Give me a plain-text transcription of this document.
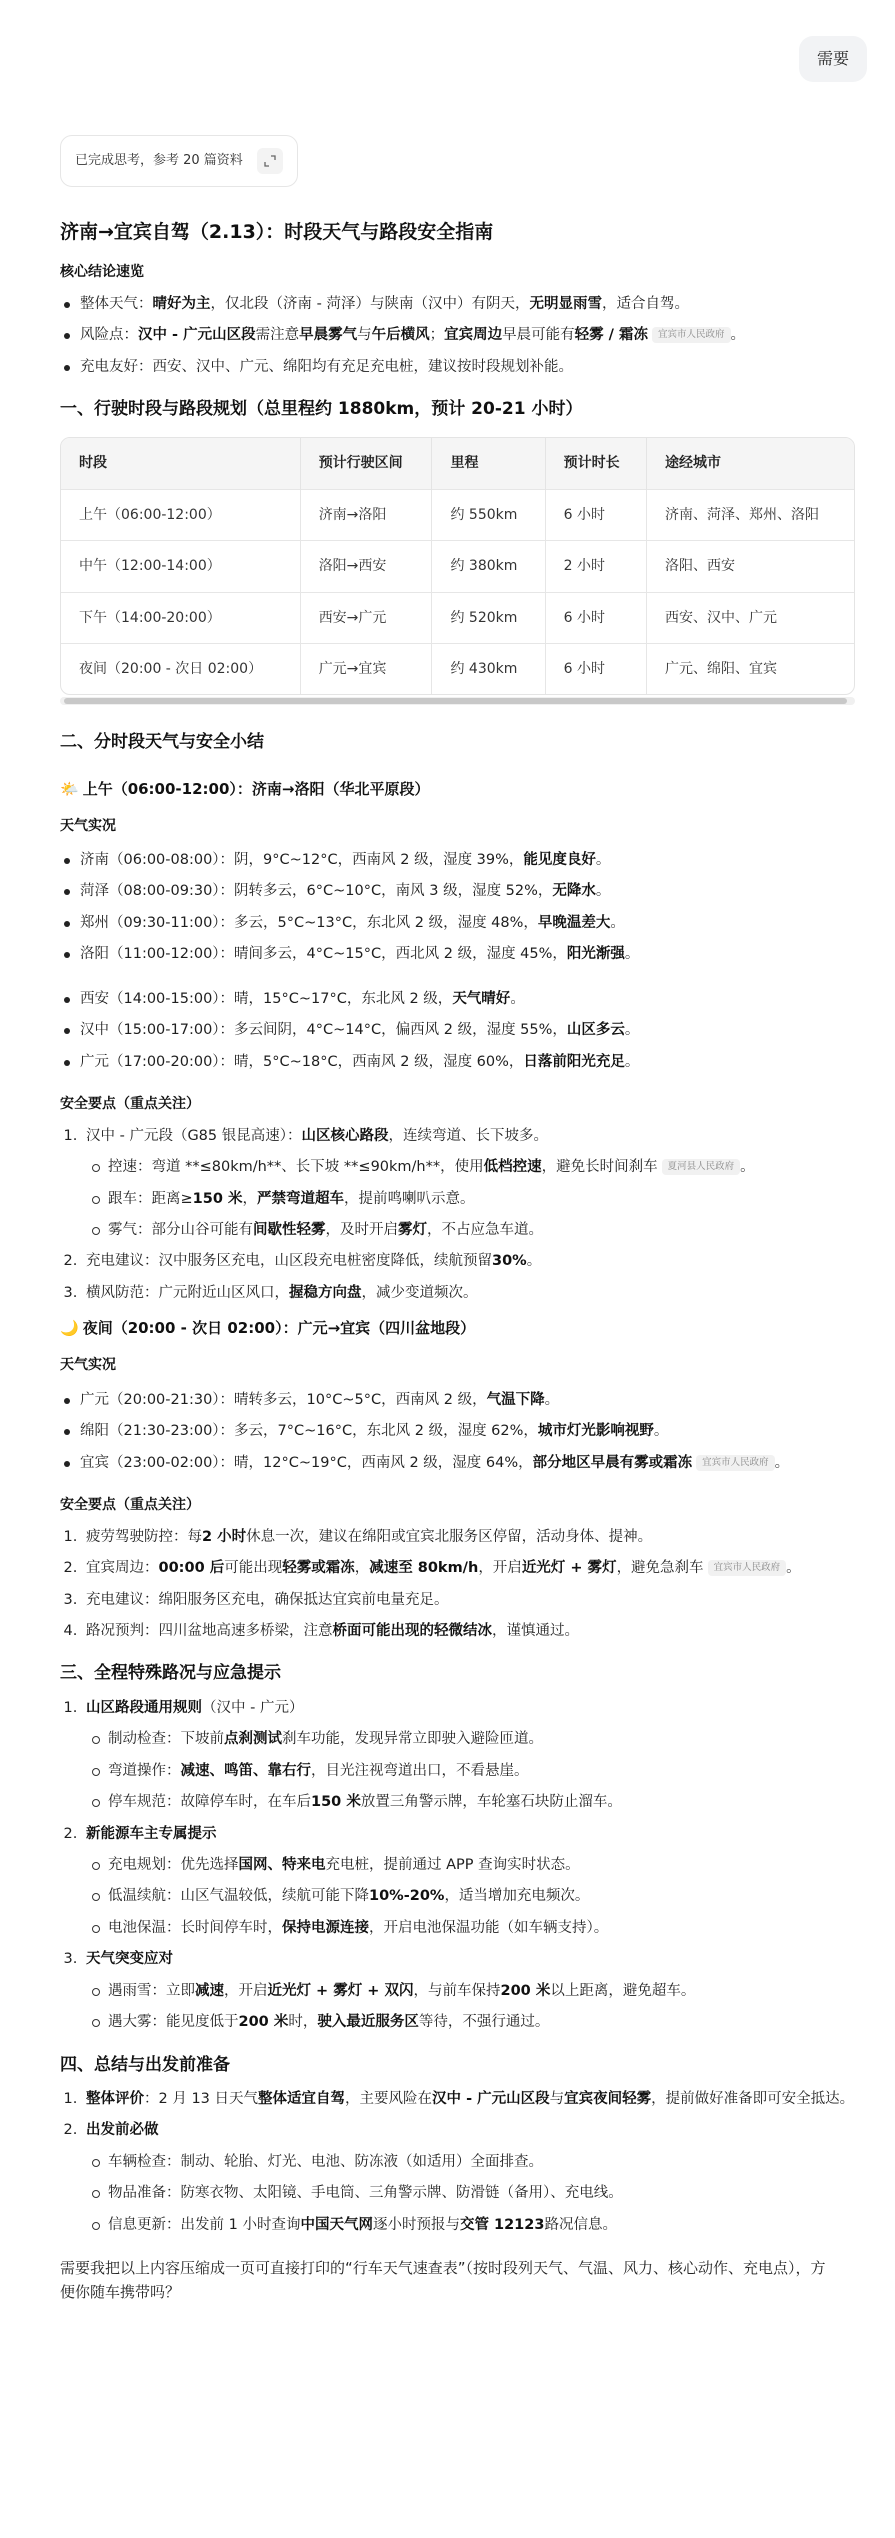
需要
已完成思考，参考 20 篇资料
济南→宜宾自驾（2.13）：时段天气与路段安全指南
核心结论速览
整体天气：晴好为主，仅北段（济南 - 菏泽）与陕南（汉中）有阴天，无明显雨雪，适合自驾。
风险点：汉中 - 广元山区段需注意早晨雾气与午后横风；宜宾周边早晨可能有轻雾 / 霜冻 宜宾市人民政府 。
充电友好：西安、汉中、广元、绵阳均有充足充电桩，建议按时段规划补能。
一、行驶时段与路段规划（总里程约 1880km，预计 20-21 小时）
时段	预计行驶区间	里程	预计时长	途经城市
上午（06:00-12:00）	济南→洛阳	约 550km	6 小时	济南、菏泽、郑州、洛阳
中午（12:00-14:00）	洛阳→西安	约 380km	2 小时	洛阳、西安
下午（14:00-20:00）	西安→广元	约 520km	6 小时	西安、汉中、广元
夜间（20:00 - 次日 02:00）	广元→宜宾	约 430km	6 小时	广元、绵阳、宜宾
二、分时段天气与安全小结
🌤️ 上午（06:00-12:00）：济南→洛阳（华北平原段）
天气实况
济南（06:00-08:00）：阴，9°C~12°C，西南风 2 级，湿度 39%，能见度良好。
菏泽（08:00-09:30）：阴转多云，6°C~10°C，南风 3 级，湿度 52%，无降水。
郑州（09:30-11:00）：多云，5°C~13°C，东北风 2 级，湿度 48%，早晚温差大。
洛阳（11:00-12:00）：晴间多云，4°C~15°C，西北风 2 级，湿度 45%，阳光渐强。
西安（14:00-15:00）：晴，15°C~17°C，东北风 2 级，天气晴好。
汉中（15:00-17:00）：多云间阴，4°C~14°C，偏西风 2 级，湿度 55%，山区多云。
广元（17:00-20:00）：晴，5°C~18°C，西南风 2 级，湿度 60%，日落前阳光充足。
安全要点（重点关注）
1. 汉中 - 广元段（G85 银昆高速）：山区核心路段，连续弯道、长下坡多。
控速：弯道 **≤80km/h**、长下坡 **≤90km/h**，使用低档控速，避免长时间刹车 夏河县人民政府 。
跟车：距离≥150 米，严禁弯道超车，提前鸣喇叭示意。
雾气：部分山谷可能有间歇性轻雾，及时开启雾灯，不占应急车道。
2. 充电建议：汉中服务区充电，山区段充电桩密度降低，续航预留30%。
3. 横风防范：广元附近山区风口，握稳方向盘，减少变道频次。
🌙 夜间（20:00 - 次日 02:00）：广元→宜宾（四川盆地段）
天气实况
广元（20:00-21:30）：晴转多云，10°C~5°C，西南风 2 级，气温下降。
绵阳（21:30-23:00）：多云，7°C~16°C，东北风 2 级，湿度 62%，城市灯光影响视野。
宜宾（23:00-02:00）：晴，12°C~19°C，西南风 2 级，湿度 64%，部分地区早晨有雾或霜冻 宜宾市人民政府 。
安全要点（重点关注）
1. 疲劳驾驶防控：每2 小时休息一次，建议在绵阳或宜宾北服务区停留，活动身体、提神。
2. 宜宾周边：00:00 后可能出现轻雾或霜冻，减速至 80km/h，开启近光灯 + 雾灯，避免急刹车 宜宾市人民政府 。
3. 充电建议：绵阳服务区充电，确保抵达宜宾前电量充足。
4. 路况预判：四川盆地高速多桥梁，注意桥面可能出现的轻微结冰，谨慎通过。
三、全程特殊路况与应急提示
1. 山区路段通用规则（汉中 - 广元）
制动检查：下坡前点刹测试刹车功能，发现异常立即驶入避险匝道。
弯道操作：减速、鸣笛、靠右行，目光注视弯道出口，不看悬崖。
停车规范：故障停车时，在车后150 米放置三角警示牌，车轮塞石块防止溜车。
2. 新能源车主专属提示
充电规划：优先选择国网、特来电充电桩，提前通过 APP 查询实时状态。
低温续航：山区气温较低，续航可能下降10%-20%，适当增加充电频次。
电池保温：长时间停车时，保持电源连接，开启电池保温功能（如车辆支持）。
3. 天气突变应对
遇雨雪：立即减速，开启近光灯 + 雾灯 + 双闪，与前车保持200 米以上距离，避免超车。
遇大雾：能见度低于200 米时，驶入最近服务区等待，不强行通过。
四、总结与出发前准备
1. 整体评价：2 月 13 日天气整体适宜自驾，主要风险在汉中 - 广元山区段与宜宾夜间轻雾，提前做好准备即可安全抵达。
2. 出发前必做
车辆检查：制动、轮胎、灯光、电池、防冻液（如适用）全面排查。
物品准备：防寒衣物、太阳镜、手电筒、三角警示牌、防滑链（备用）、充电线。
信息更新：出发前 1 小时查询中国天气网逐小时预报与交管 12123路况信息。

需要我把以上内容压缩成一页可直接打印的“行车天气速查表”（按时段列天气、气温、风力、核心动作、充电点），方便你随车携带吗？
